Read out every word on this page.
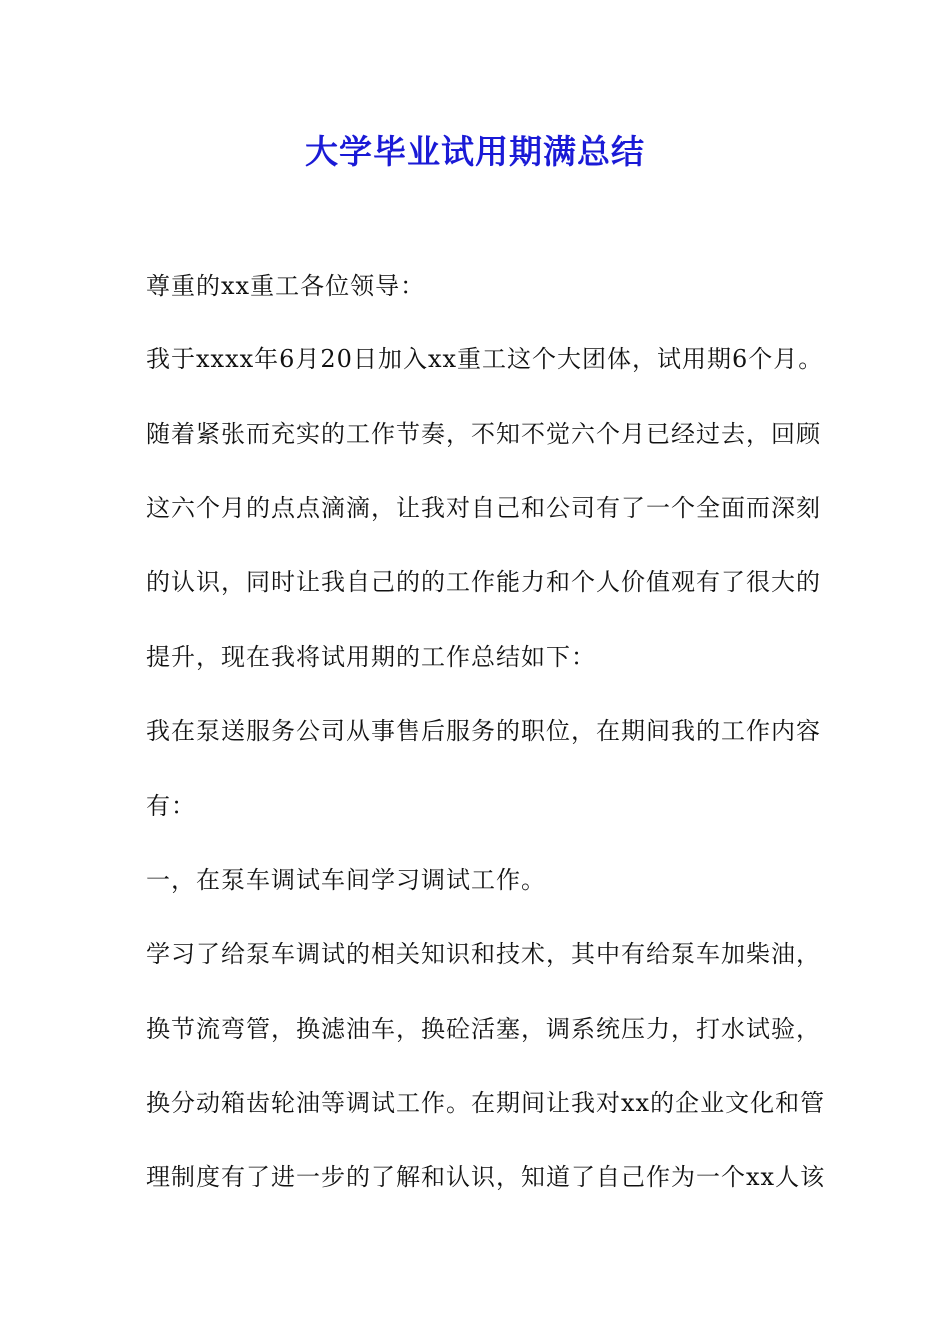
大学毕业试用期满总结

尊重的xx重工各位领导：

我于xxxx年6月20日加入xx重工这个大团体，试用期6个月。

随着紧张而充实的工作节奏，不知不觉六个月已经过去，回顾

这六个月的点点滴滴，让我对自己和公司有了一个全面而深刻

的认识，同时让我自己的的工作能力和个人价值观有了很大的

提升，现在我将试用期的工作总结如下：

我在泵送服务公司从事售后服务的职位，在期间我的工作内容

有：

一，在泵车调试车间学习调试工作。

学习了给泵车调试的相关知识和技术，其中有给泵车加柴油，

换节流弯管，换滤油车，换砼活塞，调系统压力，打水试验，

换分动箱齿轮油等调试工作。在期间让我对xx的企业文化和管

理制度有了进一步的了解和认识，知道了自己作为一个xx人该
